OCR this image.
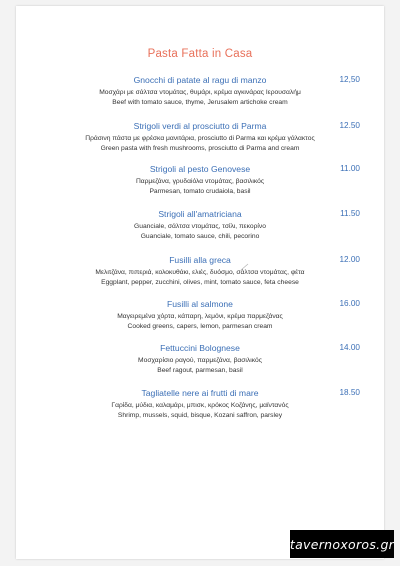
Pasta Fatta in Casa
Gnocchi di patate al ragu di manzo	12,50
Μοσχάρι με σάλτσα ντομάτας, θυμάρι, κρέμα αγκινάρας Ιερουσαλήμ
Beef with tomato sauce, thyme, Jerusalem artichoke cream
Strigoli verdi al prosciutto di Parma	12.50
Πράσινη πάστα με φρέσκα μανιτάρια, prosciutto di Parma και κρέμα γάλακτος
Green pasta with fresh mushrooms, prosciutto di Parma and cream
Strigoli al pesto Genovese	11.00
Παρμεζάνα, γρυδαiόλα ντομάτας, βασιλικός
Parmesan, tomato crudaiola, basil
Strigoli all'amatriciana	11.50
Guanciale, σάλτσα ντομάτας, τσίλι, πεκορίνο
Guanciale, tomato sauce, chili, pecorino
Fusilli alla greca	12.00
Μελιτζάνα, πιπεριά, κολοκυθάκι, ελιές, δυόσμο, σάλτσα ντομάτας, φέτα
Eggplant, pepper, zucchini, olives, mint, tomato sauce, feta cheese
Fusilli al salmone	16.00
Μαγειρεμένα χόρτα, κάπαρη, λεμόνι, κρέμα παρμεζάνας
Cooked greens, capers, lemon, parmesan cream
Fettuccini Bolognese	14.00
Μοσχαρίσιο ραγού, παρμεζάνα, βασιλικός
Beef ragout, parmesan, basil
Tagliatelle nere ai frutti di mare	18.50
Γαρίδα, μύδια, καλαμάρι, μπισκ, κρόκος Κοζάνης, μαϊντανός
Shrimp, mussels, squid, bisque, Kozani saffron, parsley
tavernoxoros.gr
